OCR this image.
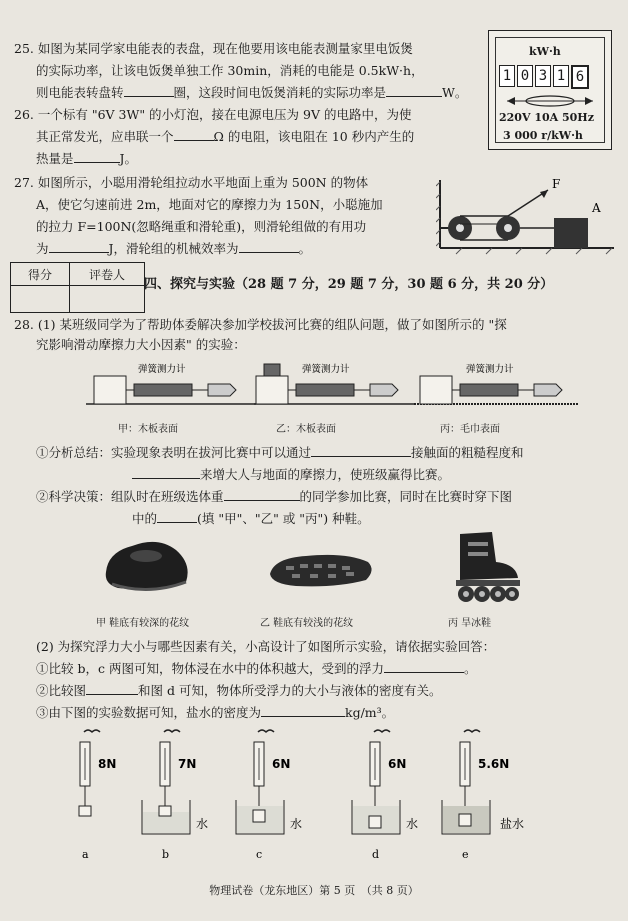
25. 如图为某同学家电能表的表盘，现在他要用该电能表测量家里电饭煲
的实际功率，让该电饭煲单独工作 30min，消耗的电能是 0.5kW·h，
则电能表转盘转	圈，这段时间电饭煲消耗的实际功率是	W。
kW·h
1 0 3 1 6
220V 10A 50Hz
3 000 r/kW·h
26. 一个标有 "6V 3W" 的小灯泡，接在电源电压为 9V 的电路中，为使
其正常发光，应串联一个	Ω 的电阻，该电阻在 10 秒内产生的
热量是	J。
27. 如图所示，小聪用滑轮组拉动水平地面上重为 500N 的物体
A，使它匀速前进 2m，地面对它的摩擦力为 150N，小聪施加
的拉力 F=100N(忽略绳重和滑轮重)，则滑轮组做的有用功
为	J，滑轮组的机械效率为	。
F
A
得分	评卷人

四、探究与实验（28 题 7 分，29 题 7 分，30 题 6 分，共 20 分）
28. (1) 某班级同学为了帮助体委解决参加学校拔河比赛的组队问题，做了如图所示的 "探
究影响滑动摩擦力大小因素" 的实验：
弹簧测力计	弹簧测力计	弹簧测力计
甲：木板表面	乙：木板表面	丙：毛巾表面
①分析总结：实验现象表明在拔河比赛中可以通过	接触面的粗糙程度和
来增大人与地面的摩擦力，使班级赢得比赛。
②科学决策：组队时在班级选体重	的同学参加比赛，同时在比赛时穿下图
中的	(填 "甲"、"乙" 或 "丙") 种鞋。
甲 鞋底有较深的花纹	乙 鞋底有较浅的花纹	丙 旱冰鞋
(2) 为探究浮力大小与哪些因素有关，小高设计了如图所示实验，请依据实验回答：
①比较 b，c 两图可知，物体浸在水中的体积越大，受到的浮力	。
②比较图	和图 d 可知，物体所受浮力的大小与液体的密度有关。
③由下图的实验数据可知，盐水的密度为	kg/m³。
8N
a
7N
水
b
6N
水
c
6N
水
d
5.6N
盐水
e
物理试卷（龙东地区）第 5 页　（共 8 页）
